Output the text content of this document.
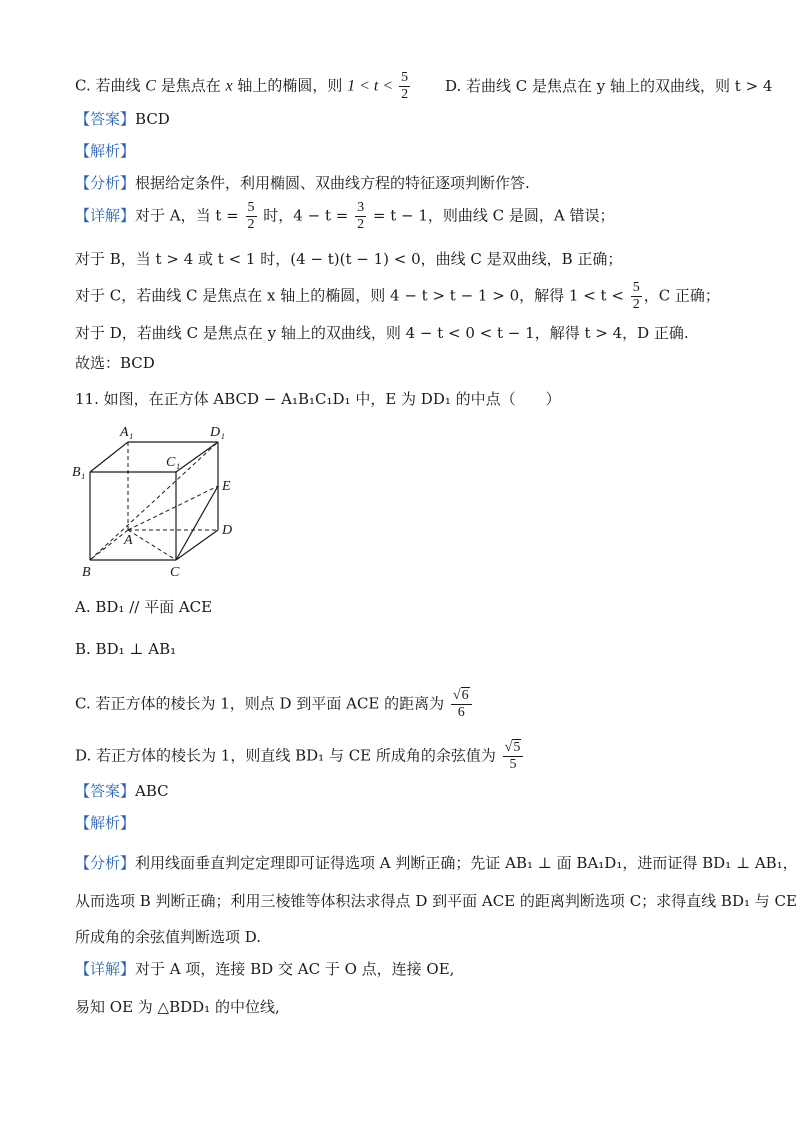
C. 若曲线 C 是焦点在 x 轴上的椭圆，则 $1 < t < \frac{5}{2} D$. 若曲线 C 是焦点在 y 轴上的双曲线，则 t > 4
【答案】BCD
【解析】
【分析】根据给定条件，利用椭圆、双曲线方程的特征逐项判断作答.
【详解】对于 A，当 $t = \frac{5}{2}$ 时，$4 - t = \frac{3}{2} = t - 1$，则曲线 C 是圆，A 错误；
对于 B，当 t > 4 或 t < 1 时，(4 − t)(t − 1) < 0，曲线 C 是双曲线，B 正确；
对于 C，若曲线 C 是焦点在 x 轴上的椭圆，则 4 − t > t − 1 > 0，解得 $1 < t < \frac{5}{2}$ ，C 正确；
对于 D，若曲线 C 是焦点在 y 轴上的双曲线，则 4 − t < 0 < t − 1，解得 t > 4，D 正确.
故选：BCD
11. 如图，在正方体 ABCD − A₁B₁C₁D₁ 中，E 为 DD₁ 的中点（　　）
A₁	D₁
B₁
C₁
E
A
D
B	C
A. BD₁ // 平面 ACE
B. BD₁ ⊥ AB₁
C. 若正方体的棱长为 1，则点 D 到平面 ACE 的距离为 $\frac{√6}{6}$
D. 若正方体的棱长为 1，则直线 BD₁ 与 CE 所成角的余弦值为 $\frac{√5}{5}$
【答案】ABC
【解析】
【分析】利用线面垂直判定定理即可证得选项 A 判断正确；先证 AB₁ ⊥ 面 BA₁D₁，进而证得 BD₁ ⊥ AB₁，
从而选项 B 判断正确；利用三棱锥等体积法求得点 D 到平面 ACE 的距离判断选项 C；求得直线 BD₁ 与 CE
所成角的余弦值判断选项 D.
【详解】对于 A 项，连接 BD 交 AC 于 O 点，连接 OE,
易知 OE 为 △BDD₁ 的中位线,
